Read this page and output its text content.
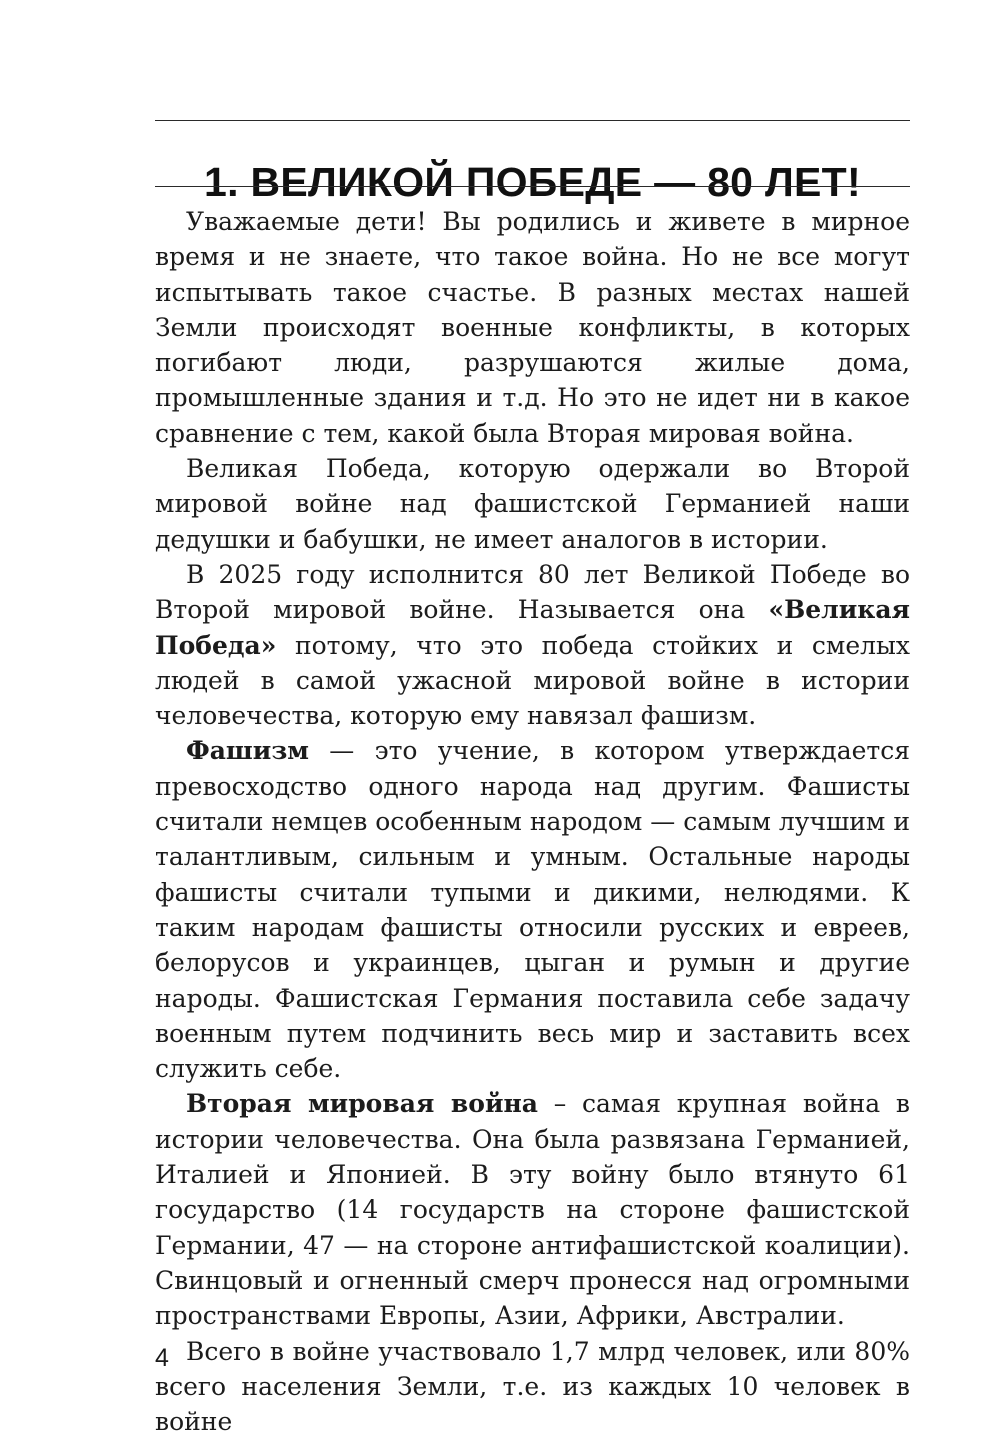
1. ВЕЛИКОЙ ПОБЕДЕ — 80 ЛЕТ!

Уважаемые дети! Вы родились и живете в мирное время и не знаете, что такое война. Но не все могут испытывать такое счастье. В разных местах нашей Земли происходят военные конфликты, в которых погибают люди, разрушаются жилые дома, промышленные здания и т.д. Но это не идет ни в какое сравнение с тем, какой была Вторая мировая война.

Великая Победа, которую одержали во Второй мировой войне над фашистской Германией наши дедушки и бабушки, не имеет аналогов в истории.

В 2025 году исполнится 80 лет Великой Победе во Второй мировой войне. Называется она «Великая Победа» потому, что это победа стойких и смелых людей в самой ужасной мировой войне в истории человечества, которую ему навязал фашизм.

Фашизм — это учение, в котором утверждается превосходство одного народа над другим. Фашисты считали немцев особенным народом — самым лучшим и талантливым, сильным и умным. Остальные народы фашисты считали тупыми и дикими, нелюдями. К таким народам фашисты относили русских и евреев, белорусов и украинцев, цыган и румын и другие народы. Фашистская Германия поставила себе задачу военным путем подчинить весь мир и заставить всех служить себе.

Вторая мировая война – самая крупная война в истории человечества. Она была развязана Германией, Италией и Японией. В эту войну было втянуто 61 государство (14 государств на стороне фашистской Германии, 47 — на стороне антифашистской коалиции). Свинцовый и огненный смерч пронесся над огромными пространствами Европы, Азии, Африки, Австралии.

Всего в войне участвовало 1,7 млрд человек, или 80% всего населения Земли, т.е. из каждых 10 человек в войне

4
